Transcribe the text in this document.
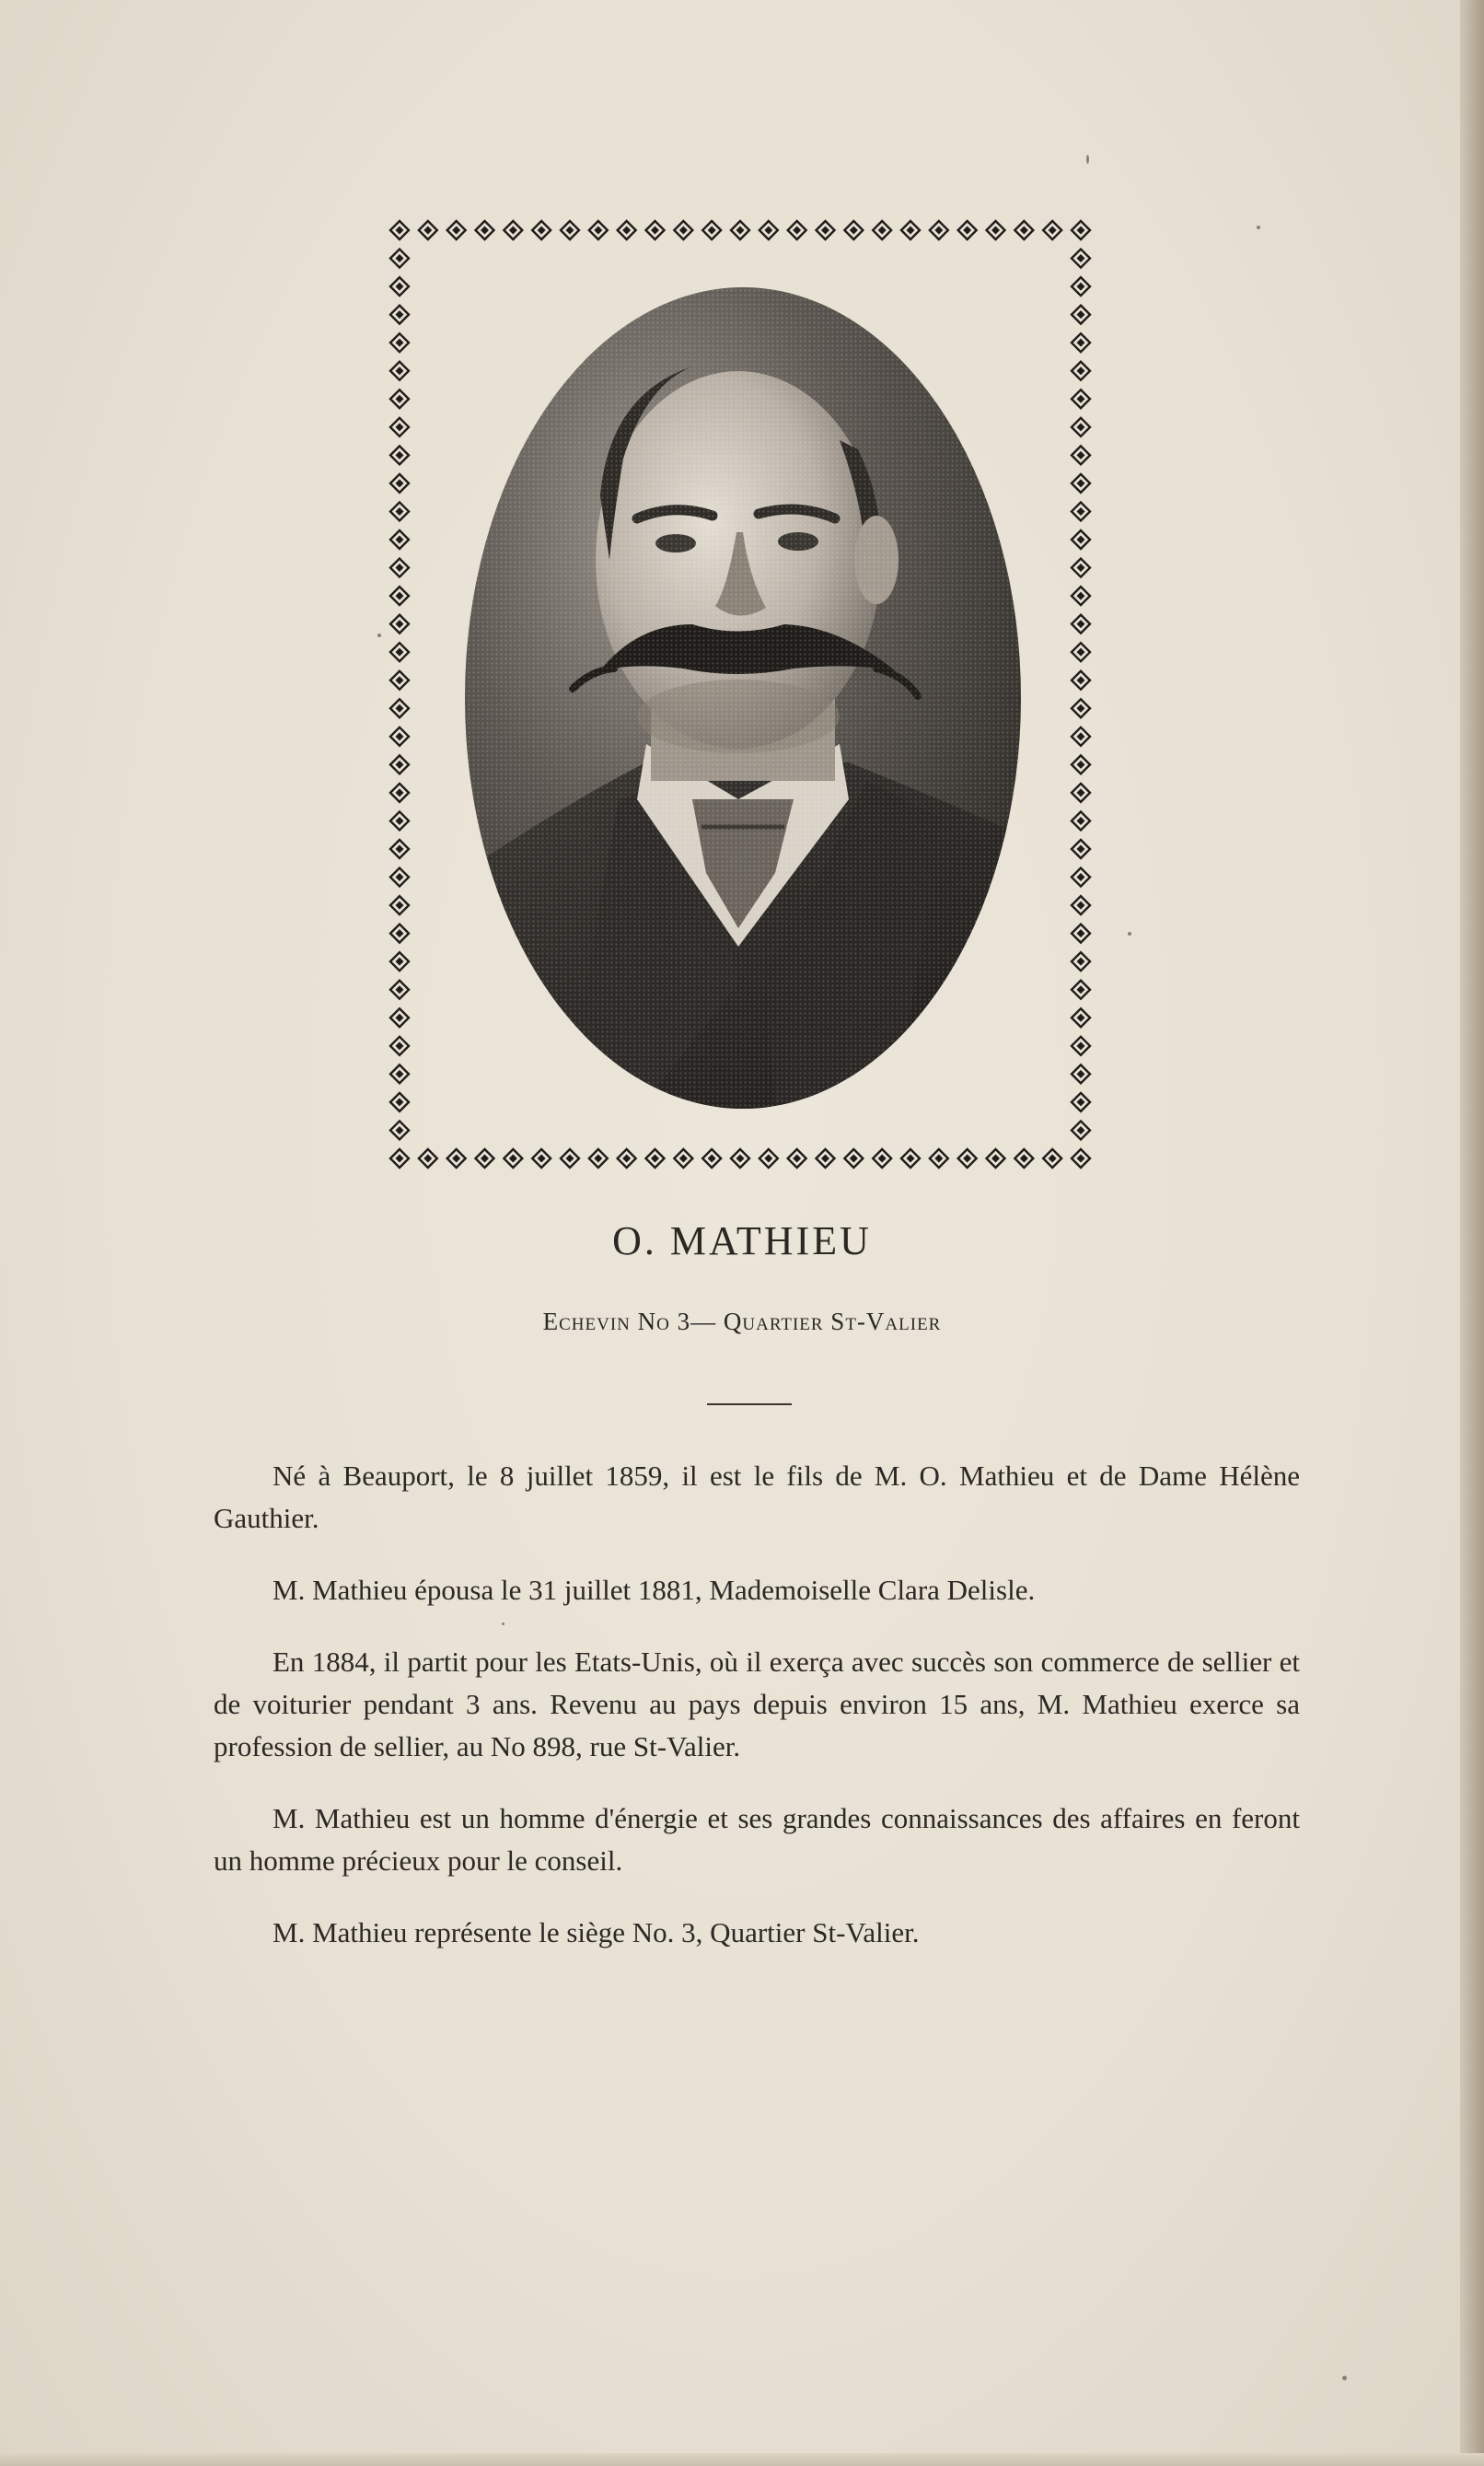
O. MATHIEU
Echevin No 3— Quartier St-Valier

Né à Beauport, le 8 juillet 1859, il est le fils de M. O. Mathieu et de Dame Hélène Gauthier.

M. Mathieu épousa le 31 juillet 1881, Mademoiselle Clara Delisle.

En 1884, il partit pour les Etats-Unis, où il exerça avec succès son commerce de sellier et de voiturier pendant 3 ans. Revenu au pays depuis environ 15 ans, M. Mathieu exerce sa profession de sellier, au No 898, rue St-Valier.

M. Mathieu est un homme d'énergie et ses grandes connaissances des affaires en feront un homme précieux pour le conseil.

M. Mathieu représente le siège No. 3, Quartier St-Valier.
